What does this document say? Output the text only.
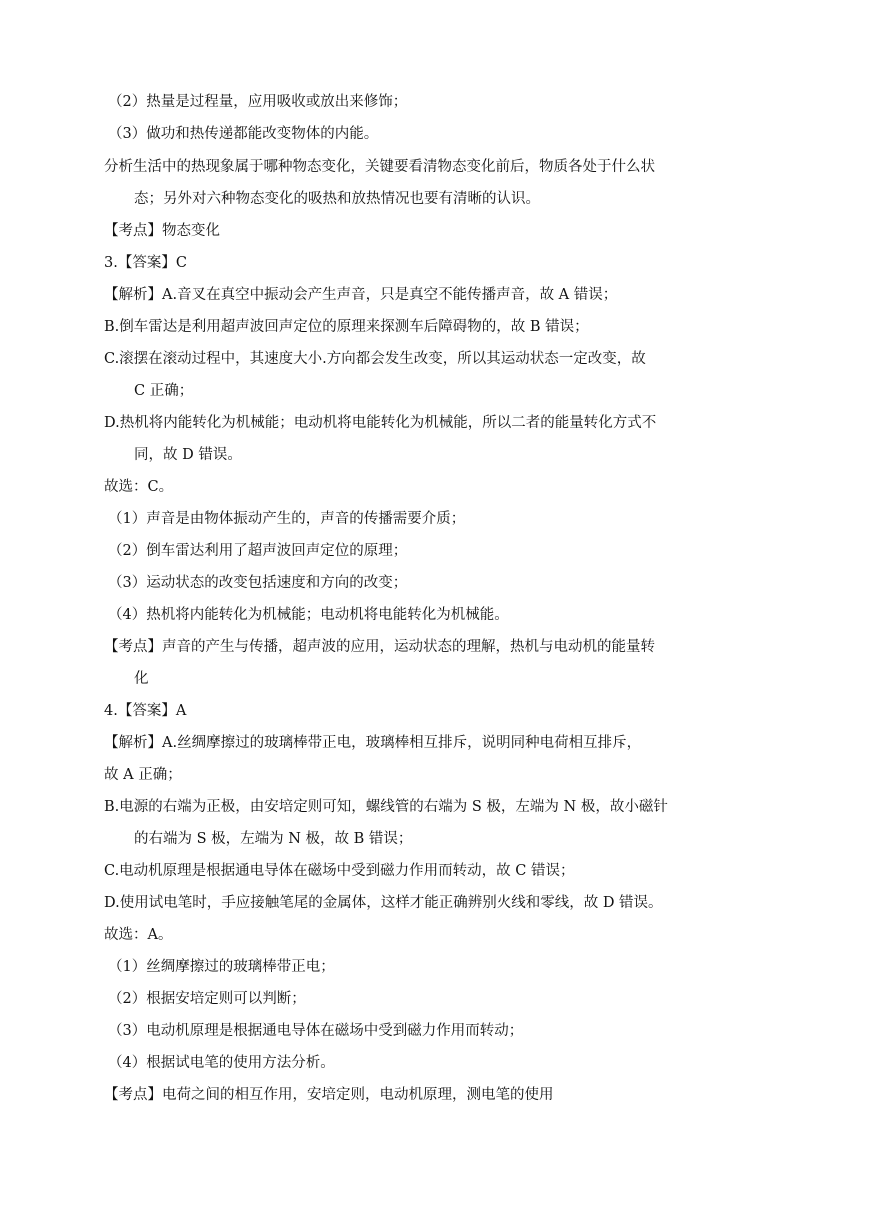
（2）热量是过程量，应用吸收或放出来修饰；
（3）做功和热传递都能改变物体的内能。
分析生活中的热现象属于哪种物态变化，关键要看清物态变化前后，物质各处于什么状
态；另外对六种物态变化的吸热和放热情况也要有清晰的认识。
【考点】物态变化
3.【答案】C
【解析】A.音叉在真空中振动会产生声音，只是真空不能传播声音，故 A 错误；
B.倒车雷达是利用超声波回声定位的原理来探测车后障碍物的，故 B 错误；
C.滚摆在滚动过程中，其速度大小.方向都会发生改变，所以其运动状态一定改变，故
C 正确；
D.热机将内能转化为机械能；电动机将电能转化为机械能，所以二者的能量转化方式不
同，故 D 错误。
故选：C。
（1）声音是由物体振动产生的，声音的传播需要介质；
（2）倒车雷达利用了超声波回声定位的原理；
（3）运动状态的改变包括速度和方向的改变；
（4）热机将内能转化为机械能；电动机将电能转化为机械能。
【考点】声音的产生与传播，超声波的应用，运动状态的理解，热机与电动机的能量转
化
4.【答案】A
【解析】A.丝绸摩擦过的玻璃棒带正电，玻璃棒相互排斥，说明同种电荷相互排斥，
故 A 正确；
B.电源的右端为正极，由安培定则可知，螺线管的右端为 S 极，左端为 N 极，故小磁针
的右端为 S 极，左端为 N 极，故 B 错误；
C.电动机原理是根据通电导体在磁场中受到磁力作用而转动，故 C 错误；
D.使用试电笔时，手应接触笔尾的金属体，这样才能正确辨别火线和零线，故 D 错误。
故选：A。
（1）丝绸摩擦过的玻璃棒带正电；
（2）根据安培定则可以判断；
（3）电动机原理是根据通电导体在磁场中受到磁力作用而转动；
（4）根据试电笔的使用方法分析。
【考点】电荷之间的相互作用，安培定则，电动机原理，测电笔的使用
